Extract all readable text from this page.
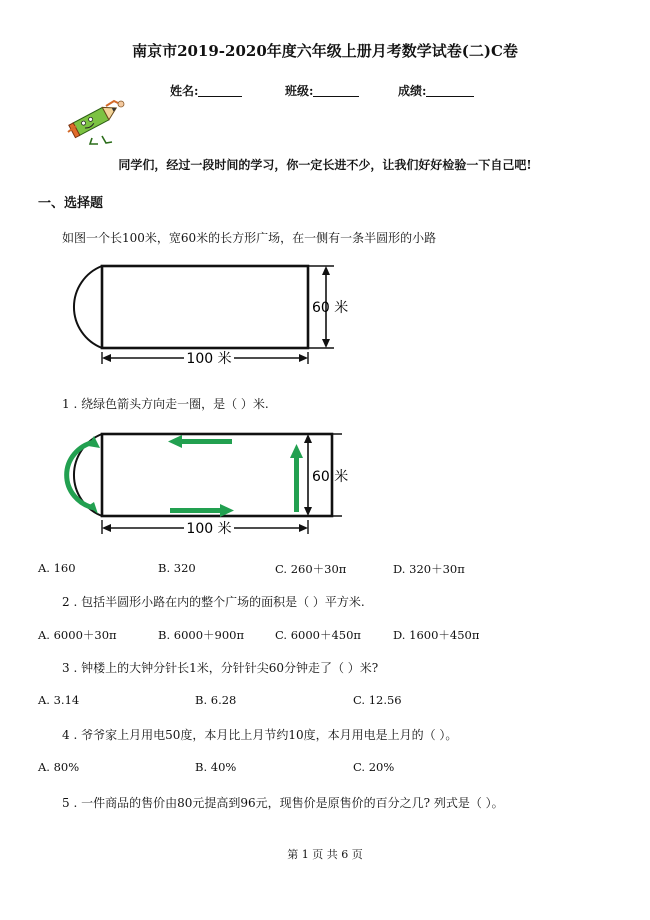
南京市2019-2020年度六年级上册月考数学试卷(二)C卷
姓名:	班级:	成绩:
同学们，经过一段时间的学习，你一定长进不少，让我们好好检验一下自己吧!
一、选择题
如图一个长100米，宽60米的长方形广场，在一侧有一条半圆形的小路
100 米
60 米
1 . 绕绿色箭头方向走一圈，是（ ）米.
100 米
60 米
A. 160	B. 320	C. 260＋30π	D. 320＋30π
2 . 包括半圆形小路在内的整个广场的面积是（ ）平方米.
A. 6000＋30π	B. 6000＋900π	C. 6000＋450π	D. 1600＋450π
3 . 钟楼上的大钟分针长1米，分针针尖60分钟走了（ ）米?
A. 3.14	B. 6.28	C. 12.56
4 . 爷爷家上月用电50度，本月比上月节约10度，本月用电是上月的（ ）。
A. 80%	B. 40%	C. 20%
5 . 一件商品的售价由80元提高到96元，现售价是原售价的百分之几? 列式是（ ）。
第 1 页 共 6 页
